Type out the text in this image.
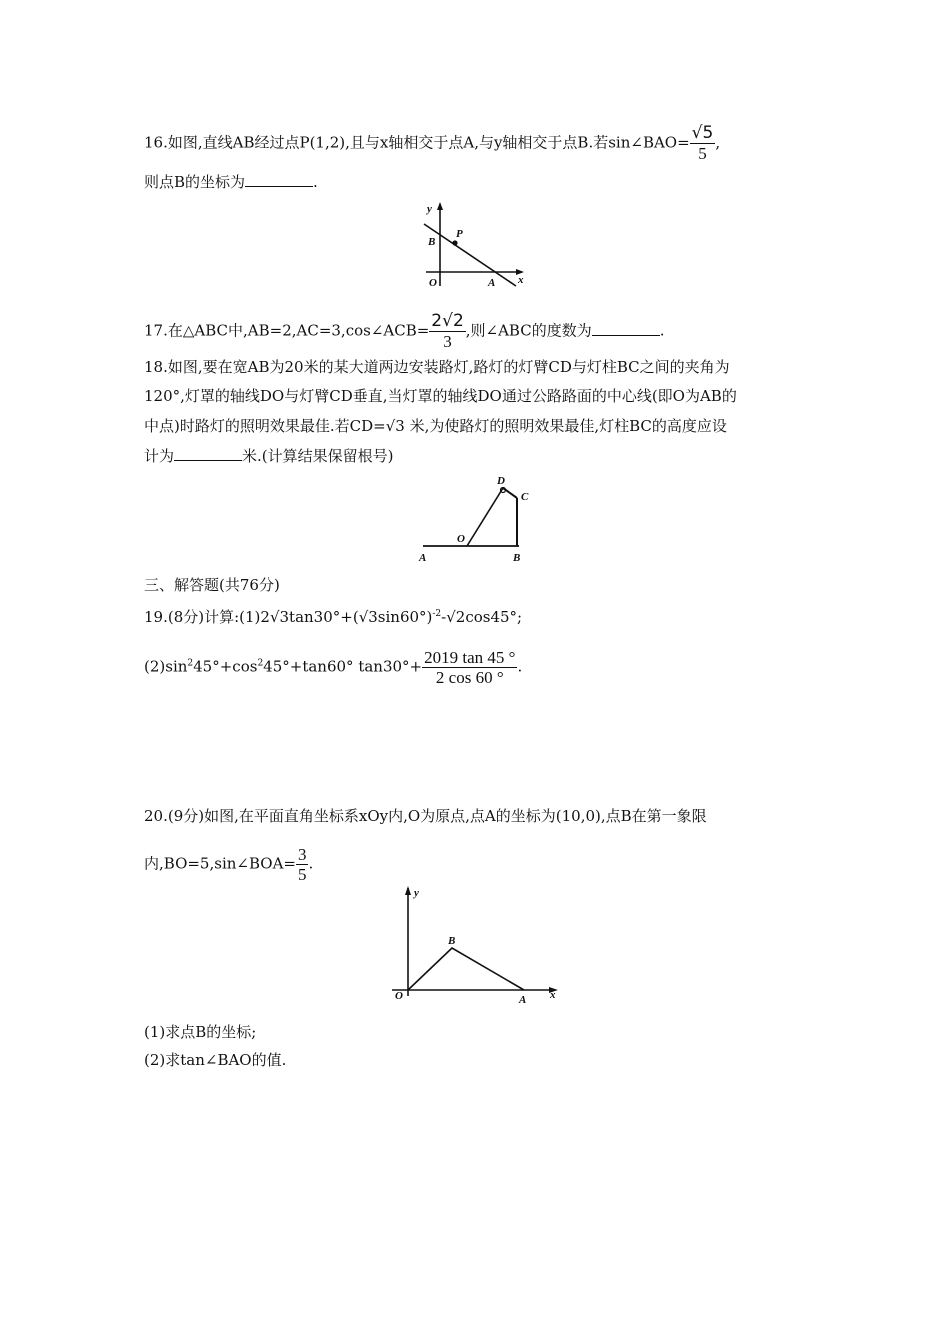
16.如图,直线AB经过点P(1,2),且与x轴相交于点A,与y轴相交于点B.若sin∠BAO= $\frac{√5}{5}$ ,
则点B的坐标为	.
y
B
P
O	A x
17.在△ABC中,AB=2,AC=3,cos∠ACB= $\frac{2√2}{3}$ ,则∠ABC的度数为	.
18.如图,要在宽AB为20米的某大道两边安装路灯,路灯的灯臂CD与灯柱BC之间的夹角为
120°,灯罩的轴线DO与灯臂CD垂直,当灯罩的轴线DO通过公路路面的中心线(即O为AB的
中点)时路灯的照明效果最佳.若CD=√3 米,为使路灯的照明效果最佳,灯柱BC的高度应设
计为	米.(计算结果保留根号)
D
C
O
A	B
三、解答题(共76分)
19.(8分)计算$:(1)2√3\tan 30^\circ+(√3\sin 60^\circ)^{-2}-√2\cos 45^\circ$;
$(2)\sin^245^\circ+\cos^245^\circ+\tan 60^\circ$ $\tan 30^\circ+ \frac{2019 \tan 45 ^\circ}{2 \cos 60 ^\circ}$ .
20.(9分)如图,在平面直角坐标系xOy内,O为原点,点A的坐标为(10,0),点B在第一象限
内,BO=5,sin∠BOA= $\frac{3}{5}$ .
y
B
O	A x
(1)求点B的坐标;
(2)求tan∠BAO的值.
